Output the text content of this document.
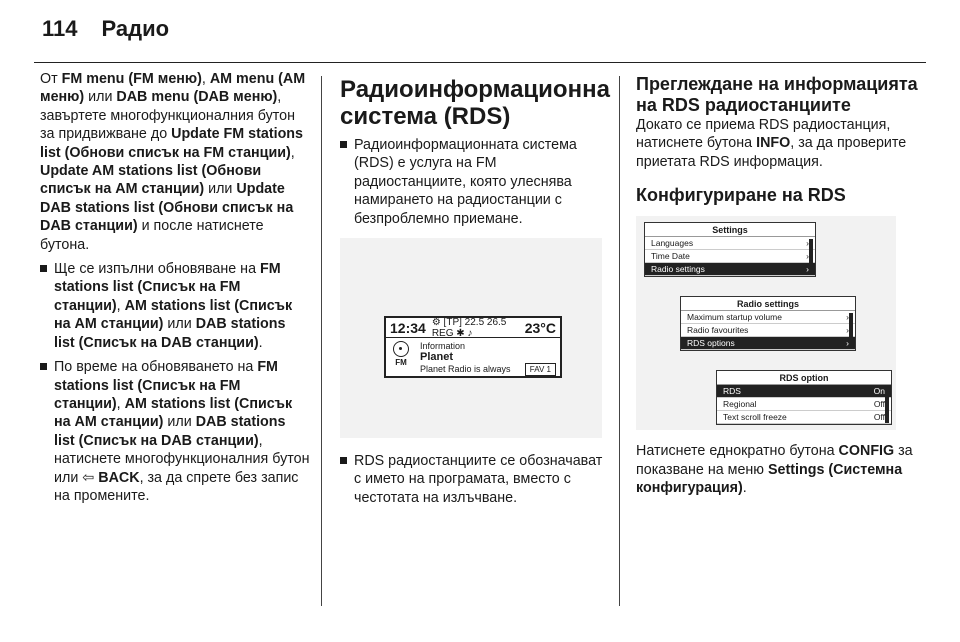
114 Радио

От FM menu (FM меню), AM menu (AM меню) или DAB menu (DAB меню), завъртете многофункционалния бутон за придвижване до Update FM stations list (Обнови списък на FM станции), Update AM stations list (Обнови списък на AM станции) или Update DAB stations list (Обнови списък на DAB станции) и после натиснете бутона.

Ще се изпълни обновяване на FM stations list (Списък на FM станции), AM stations list (Списък на AM станции) или DAB stations list (Списък на DAB станции).
По време на обновяването на FM stations list (Списък на FM станции), AM stations list (Списък на AM станции) или DAB stations list (Списък на DAB станции), натиснете многофункционалния бутон или ⇦ BACK, за да спрете без запис на промените.
Радиоинформационна система (RDS)
Радиоинформационната система (RDS) е услуга на FM радиостанциите, която улеснява намирането на радиостанции с безпроблемно приемане.
12:34 ⚙ [TP] 22.5 26.5 REG ✱ ♪	23°C
FM
Information
Planet
Planet Radio is always	FAV 1
RDS радиостанциите се обозначават с името на програмата, вместо с честотата на излъчване.
Преглеждане на информацията на RDS радиостанциите

Докато се приема RDS радиостанция, натиснете бутона INFO, за да проверите приетата RDS информация.

Конфигуриране на RDS
Settings
Languages	›
Time Date	›
Radio settings	›
Radio settings
Maximum startup volume	›
Radio favourites	›
RDS options	›
RDS option
RDS	On
Regional	Off
Text scroll freeze	Off

Натиснете еднократно бутона CONFIG за показване на меню Settings (Системна конфигурация).
